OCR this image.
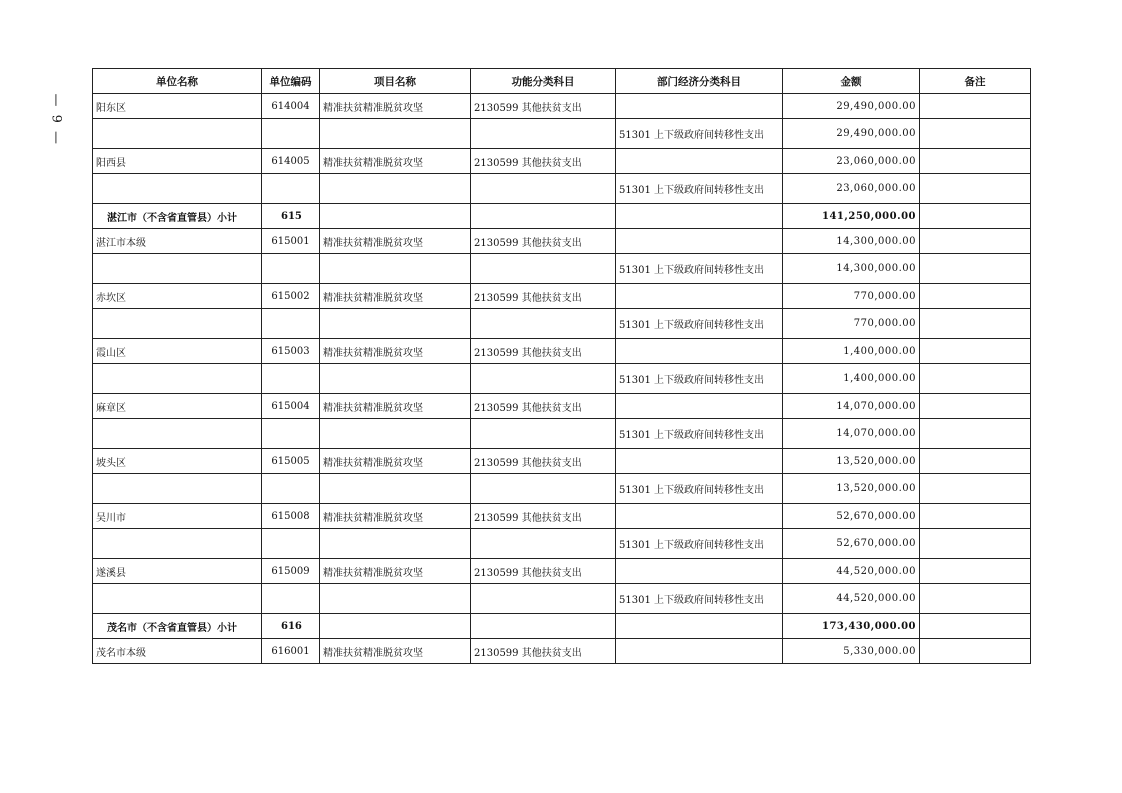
— 9 —
单位名称	单位编码	项目名称	功能分类科目	部门经济分类科目	金额	备注
阳东区	614004	精准扶贫精准脱贫攻坚	2130599 其他扶贫支出		29,490,000.00	
				51301 上下级政府间转移性支出	29,490,000.00	
阳西县	614005	精准扶贫精准脱贫攻坚	2130599 其他扶贫支出		23,060,000.00	
				51301 上下级政府间转移性支出	23,060,000.00	
湛江市（不含省直管县）小计	615				141,250,000.00	
湛江市本级	615001	精准扶贫精准脱贫攻坚	2130599 其他扶贫支出		14,300,000.00	
				51301 上下级政府间转移性支出	14,300,000.00	
赤坎区	615002	精准扶贫精准脱贫攻坚	2130599 其他扶贫支出		770,000.00	
				51301 上下级政府间转移性支出	770,000.00	
霞山区	615003	精准扶贫精准脱贫攻坚	2130599 其他扶贫支出		1,400,000.00	
				51301 上下级政府间转移性支出	1,400,000.00	
麻章区	615004	精准扶贫精准脱贫攻坚	2130599 其他扶贫支出		14,070,000.00	
				51301 上下级政府间转移性支出	14,070,000.00	
坡头区	615005	精准扶贫精准脱贫攻坚	2130599 其他扶贫支出		13,520,000.00	
				51301 上下级政府间转移性支出	13,520,000.00	
吴川市	615008	精准扶贫精准脱贫攻坚	2130599 其他扶贫支出		52,670,000.00	
				51301 上下级政府间转移性支出	52,670,000.00	
遂溪县	615009	精准扶贫精准脱贫攻坚	2130599 其他扶贫支出		44,520,000.00	
				51301 上下级政府间转移性支出	44,520,000.00	
茂名市（不含省直管县）小计	616				173,430,000.00	
茂名市本级	616001	精准扶贫精准脱贫攻坚	2130599 其他扶贫支出		5,330,000.00	
